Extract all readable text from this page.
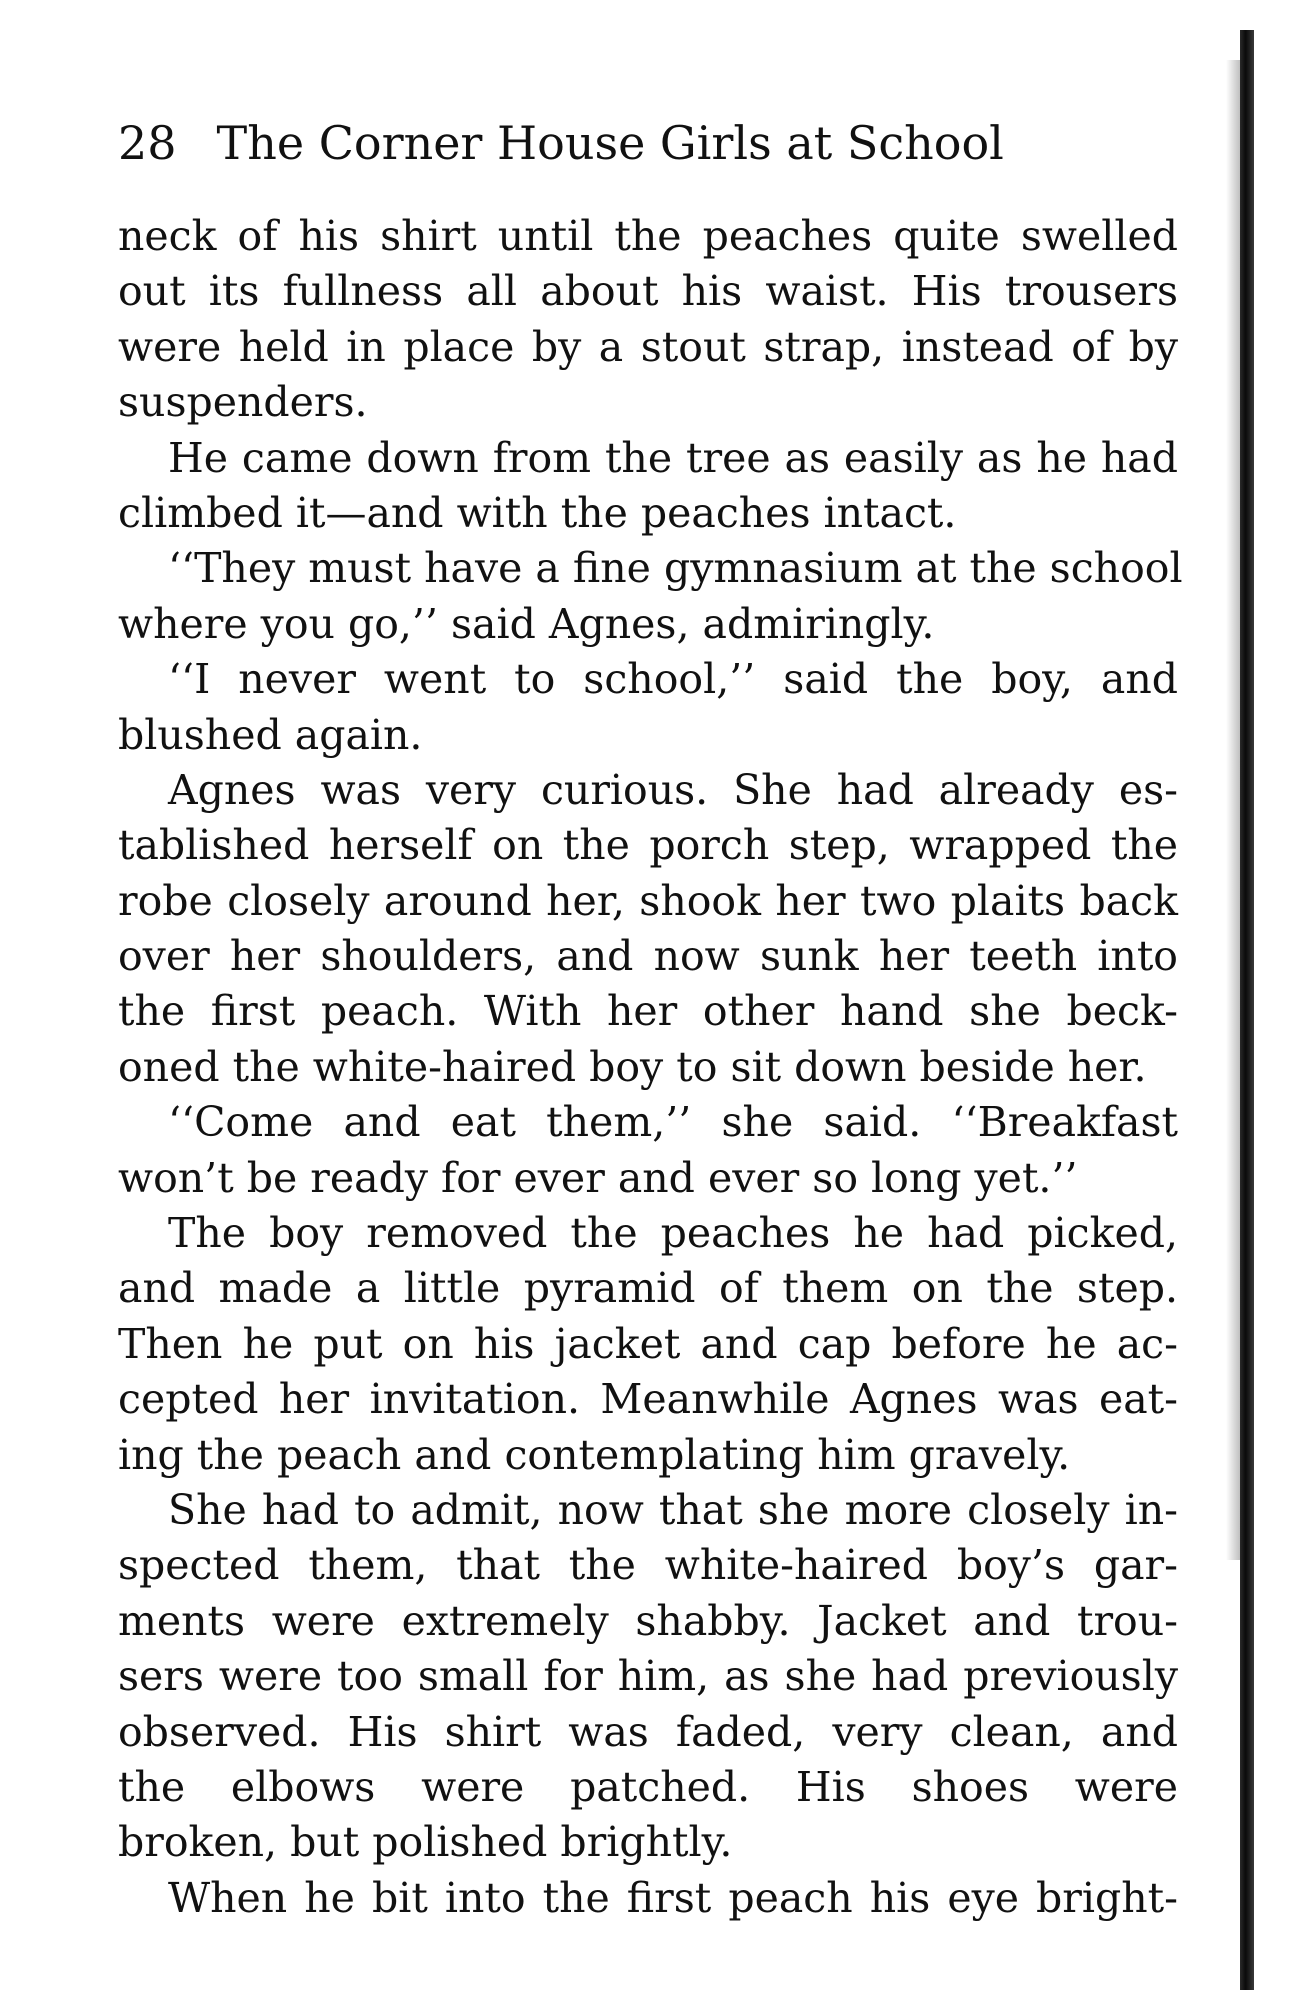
28 The Corner House Girls at School
neck of his shirt until the peaches quite swelled
out its fullness all about his waist. His trousers
were held in place by a stout strap, instead of by
suspenders.
He came down from the tree as easily as he had
climbed it—and with the peaches intact.
‘‘They must have a fine gymnasium at the school
where you go,’’ said Agnes, admiringly.
‘‘I never went to school,’’ said the boy, and
blushed again.
Agnes was very curious. She had already es-
tablished herself on the porch step, wrapped the
robe closely around her, shook her two plaits back
over her shoulders, and now sunk her teeth into
the first peach. With her other hand she beck-
oned the white-haired boy to sit down beside her.
‘‘Come and eat them,’’ she said. ‘‘Breakfast
won’t be ready for ever and ever so long yet.’’
The boy removed the peaches he had picked,
and made a little pyramid of them on the step.
Then he put on his jacket and cap before he ac-
cepted her invitation. Meanwhile Agnes was eat-
ing the peach and contemplating him gravely.
She had to admit, now that she more closely in-
spected them, that the white-haired boy’s gar-
ments were extremely shabby. Jacket and trou-
sers were too small for him, as she had previously
observed. His shirt was faded, very clean, and
the elbows were patched. His shoes were
broken, but polished brightly.
When he bit into the first peach his eye bright-
